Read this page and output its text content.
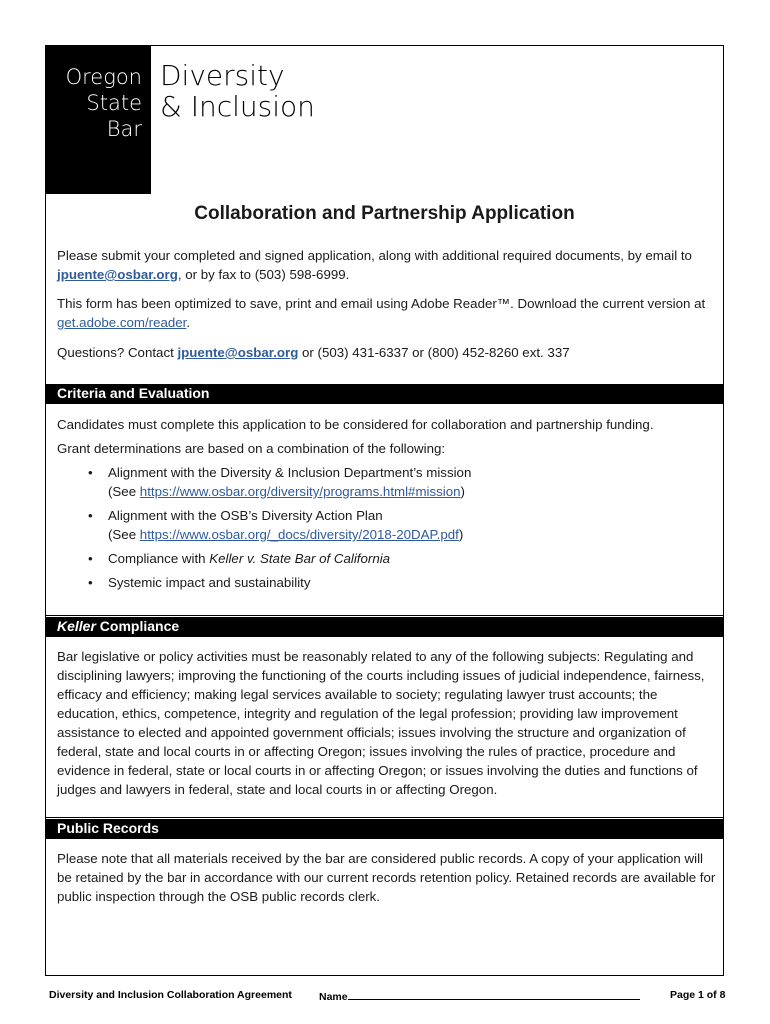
Oregon
State
Bar
Diversity
& Inclusion
Collaboration and Partnership Application
Please submit your completed and signed application, along with additional required documents, by email to jpuente@osbar.org, or by fax to (503) 598-6999.
This form has been optimized to save, print and email using Adobe Reader™. Download the current version at get.adobe.com/reader.
Questions? Contact jpuente@osbar.org or (503) 431-6337 or (800) 452-8260 ext. 337
Criteria and Evaluation
Candidates must complete this application to be considered for collaboration and partnership funding.
Grant determinations are based on a combination of the following:
• Alignment with the Diversity & Inclusion Department’s mission
(See https://www.osbar.org/diversity/programs.html#mission)
• Alignment with the OSB’s Diversity Action Plan
(See https://www.osbar.org/_docs/diversity/2018-20DAP.pdf)
• Compliance with Keller v. State Bar of California
• Systemic impact and sustainability
Keller Compliance
Bar legislative or policy activities must be reasonably related to any of the following subjects: Regulating and disciplining lawyers; improving the functioning of the courts including issues of judicial independence, fairness, efficacy and efficiency; making legal services available to society; regulating lawyer trust accounts; the education, ethics, competence, integrity and regulation of the legal profession; providing law improvement assistance to elected and appointed government officials; issues involving the structure and organization of federal, state and local courts in or affecting Oregon; issues involving the rules of practice, procedure and evidence in federal, state or local courts in or affecting Oregon; or issues involving the duties and functions of judges and lawyers in federal, state and local courts in or affecting Oregon.
Public Records
Please note that all materials received by the bar are considered public records. A copy of your application will be retained by the bar in accordance with our current records retention policy. Retained records are available for public inspection through the OSB public records clerk.
Diversity and Inclusion Collaboration Agreement	Name	Page 1 of 8
